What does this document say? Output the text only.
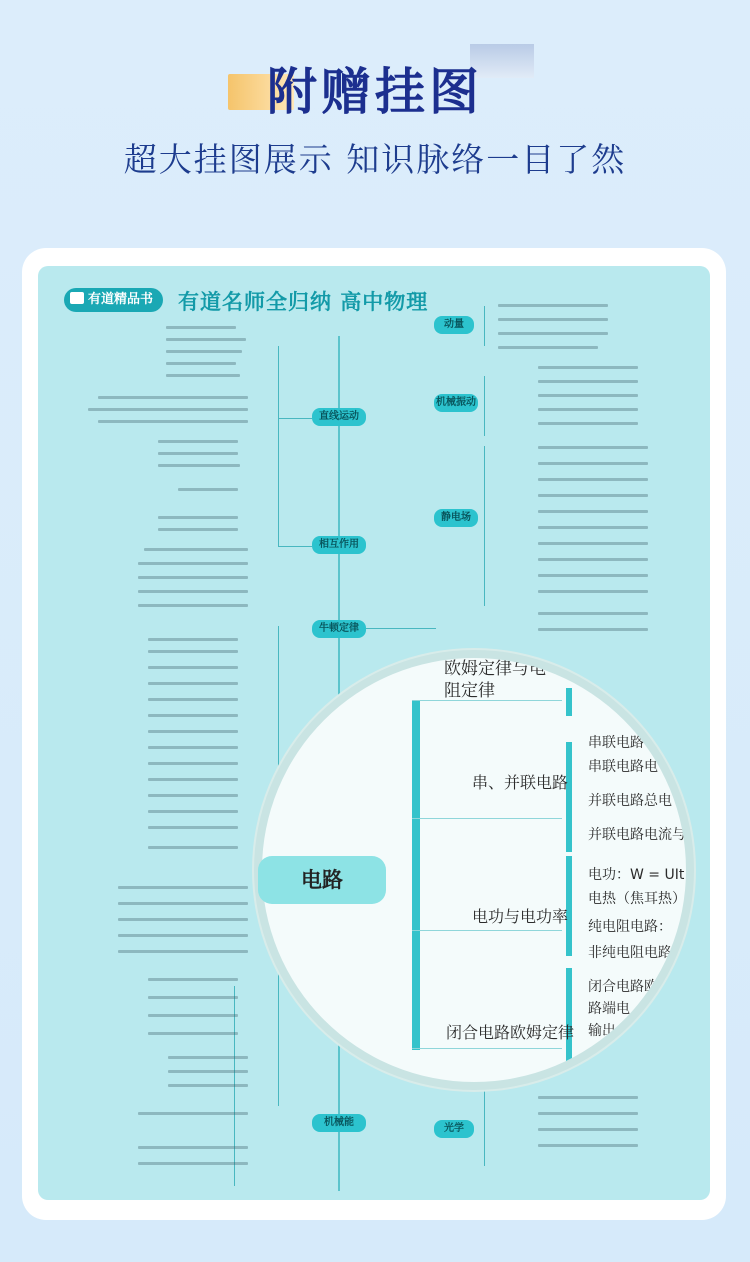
附赠挂图
超大挂图展示 知识脉络一目了然
有道精品书	有道名师全归纳 高中物理
直线运动
相互作用
牛顿定律
机械能
动量
机械振动
静电场
光学
欧姆定律与电阻定律
串、并联电路
电功与电功率
闭合电路欧姆定律
串联电路
串联电路电
并联电路总电
并联电路电流与
电功：W = UIt
电热（焦耳热）
纯电阻电路：
非纯电阻电路
闭合电路欧
路端电
输出
电路
